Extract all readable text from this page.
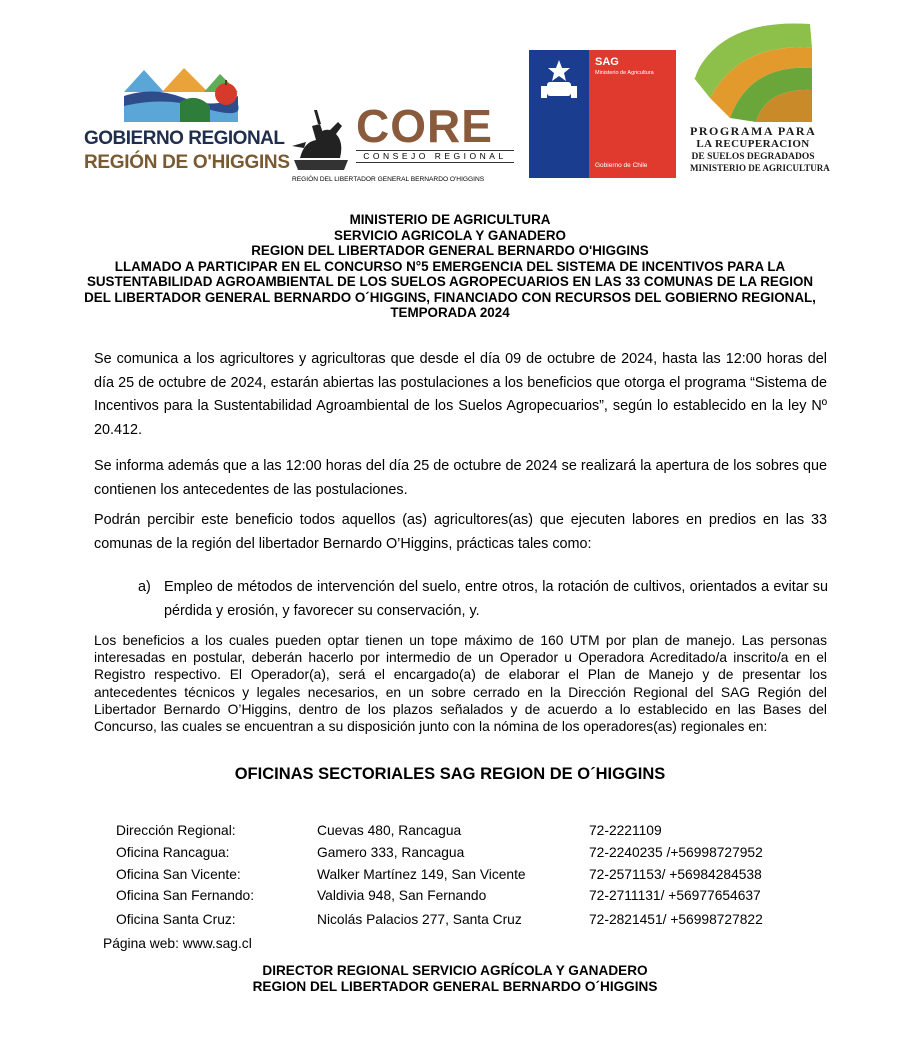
GOBIERNO REGIONAL
REGIÓN DE O'HIGGINS
CORE
CONSEJO REGIONAL
REGIÓN DEL LIBERTADOR GENERAL BERNARDO O'HIGGINS
SAG
Ministerio de Agricultura
Gobierno de Chile
PROGRAMA PARA
LA RECUPERACION
DE SUELOS DEGRADADOS
MINISTERIO DE AGRICULTURA
MINISTERIO DE AGRICULTURA
SERVICIO AGRICOLA Y GANADERO
REGION DEL LIBERTADOR GENERAL BERNARDO O'HIGGINS
LLAMADO A PARTICIPAR EN EL CONCURSO N°5 EMERGENCIA DEL SISTEMA DE INCENTIVOS PARA LA SUSTENTABILIDAD AGROAMBIENTAL DE LOS SUELOS AGROPECUARIOS EN LAS 33 COMUNAS DE LA REGION DEL LIBERTADOR GENERAL BERNARDO O´HIGGINS, FINANCIADO CON RECURSOS DEL GOBIERNO REGIONAL, TEMPORADA 2024
Se comunica a los agricultores y agricultoras que desde el día 09 de octubre de 2024, hasta las 12:00 horas del día 25 de octubre de 2024, estarán abiertas las postulaciones a los beneficios que otorga el programa “Sistema de Incentivos para la Sustentabilidad Agroambiental de los Suelos Agropecuarios”, según lo establecido en la ley Nº 20.412.
Se informa además que a las 12:00 horas del día 25 de octubre de 2024 se realizará la apertura de los sobres que contienen los antecedentes de las postulaciones.
Podrán percibir este beneficio todos aquellos (as) agricultores(as) que ejecuten labores en predios en las 33 comunas de la región del libertador Bernardo O’Higgins, prácticas tales como:
a) Empleo de métodos de intervención del suelo, entre otros, la rotación de cultivos, orientados a evitar su pérdida y erosión, y favorecer su conservación, y.
Los beneficios a los cuales pueden optar tienen un tope máximo de 160 UTM por plan de manejo. Las personas interesadas en postular, deberán hacerlo por intermedio de un Operador u Operadora Acreditado/a inscrito/a en el Registro respectivo. El Operador(a), será el encargado(a) de elaborar el Plan de Manejo y de presentar los antecedentes técnicos y legales necesarios, en un sobre cerrado en la Dirección Regional del SAG Región del Libertador Bernardo O’Higgins, dentro de los plazos señalados y de acuerdo a lo establecido en las Bases del Concurso, las cuales se encuentran a su disposición junto con la nómina de los operadores(as) regionales en:
OFICINAS SECTORIALES SAG REGION DE O´HIGGINS
Dirección Regional:	Cuevas 480, Rancagua	72-2221109
Oficina Rancagua:	Gamero 333, Rancagua	72-2240235 /+56998727952
Oficina San Vicente:	Walker Martínez 149, San Vicente	72-2571153/ +56984284538
Oficina San Fernando:	Valdivia 948, San Fernando	72-2711131/ +56977654637
Oficina Santa Cruz:	Nicolás Palacios 277, Santa Cruz	72-2821451/ +56998727822
Página web: www.sag.cl
DIRECTOR REGIONAL SERVICIO AGRÍCOLA Y GANADERO
REGION DEL LIBERTADOR GENERAL BERNARDO O´HIGGINS
